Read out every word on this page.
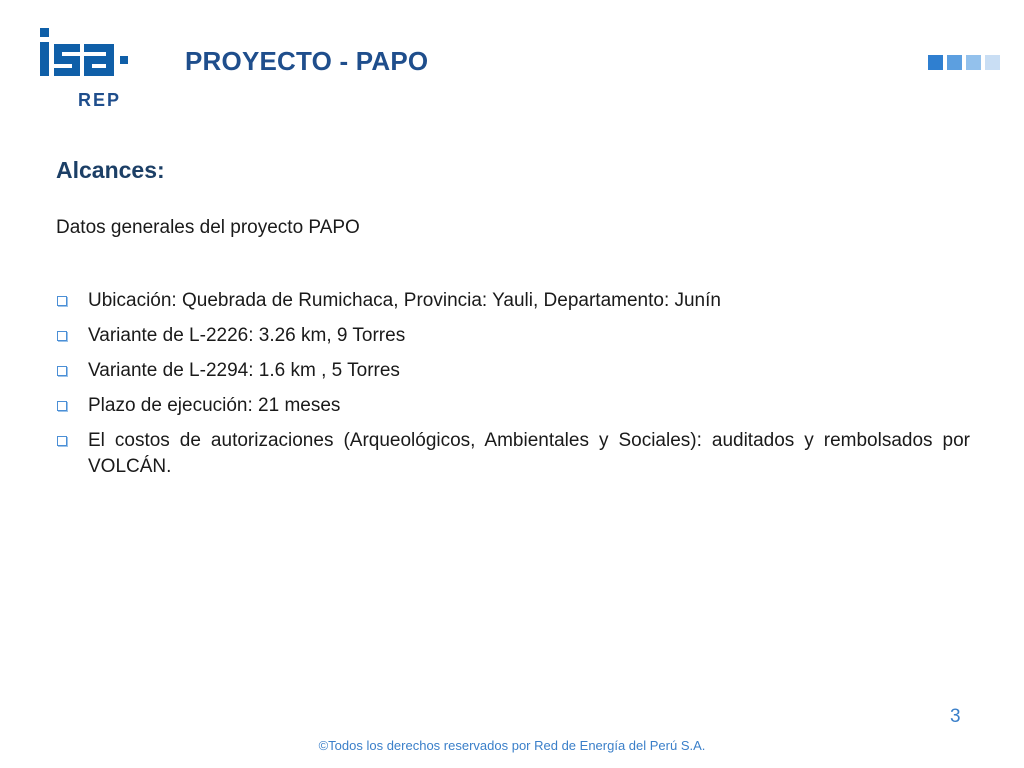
REP
PROYECTO - PAPO
Alcances:
Datos generales del proyecto PAPO
Ubicación: Quebrada de Rumichaca, Provincia: Yauli, Departamento: Junín
Variante de L-2226: 3.26 km, 9 Torres
Variante de L-2294: 1.6 km , 5 Torres
Plazo de ejecución: 21 meses
El costos de autorizaciones (Arqueológicos, Ambientales y Sociales): auditados y rembolsados por VOLCÁN.
3
©Todos los derechos reservados por Red de Energía del Perú S.A.
